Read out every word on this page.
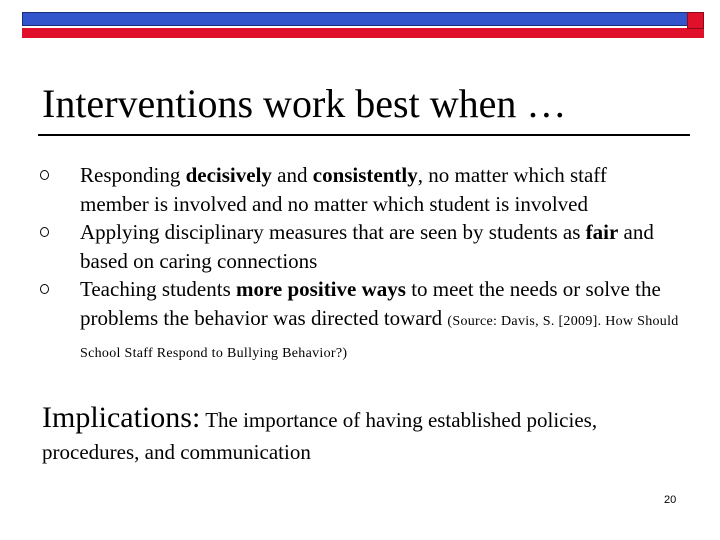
Interventions work best when …
Responding decisively and consistently, no matter which staff member is involved and no matter which student is involved
Applying disciplinary measures that are seen by students as fair and based on caring connections
Teaching students more positive ways to meet the needs or solve the problems the behavior was directed toward (Source: Davis, S. [2009]. How Should School Staff Respond to Bullying Behavior?)

Implications: The importance of having established policies, procedures, and communication

20
